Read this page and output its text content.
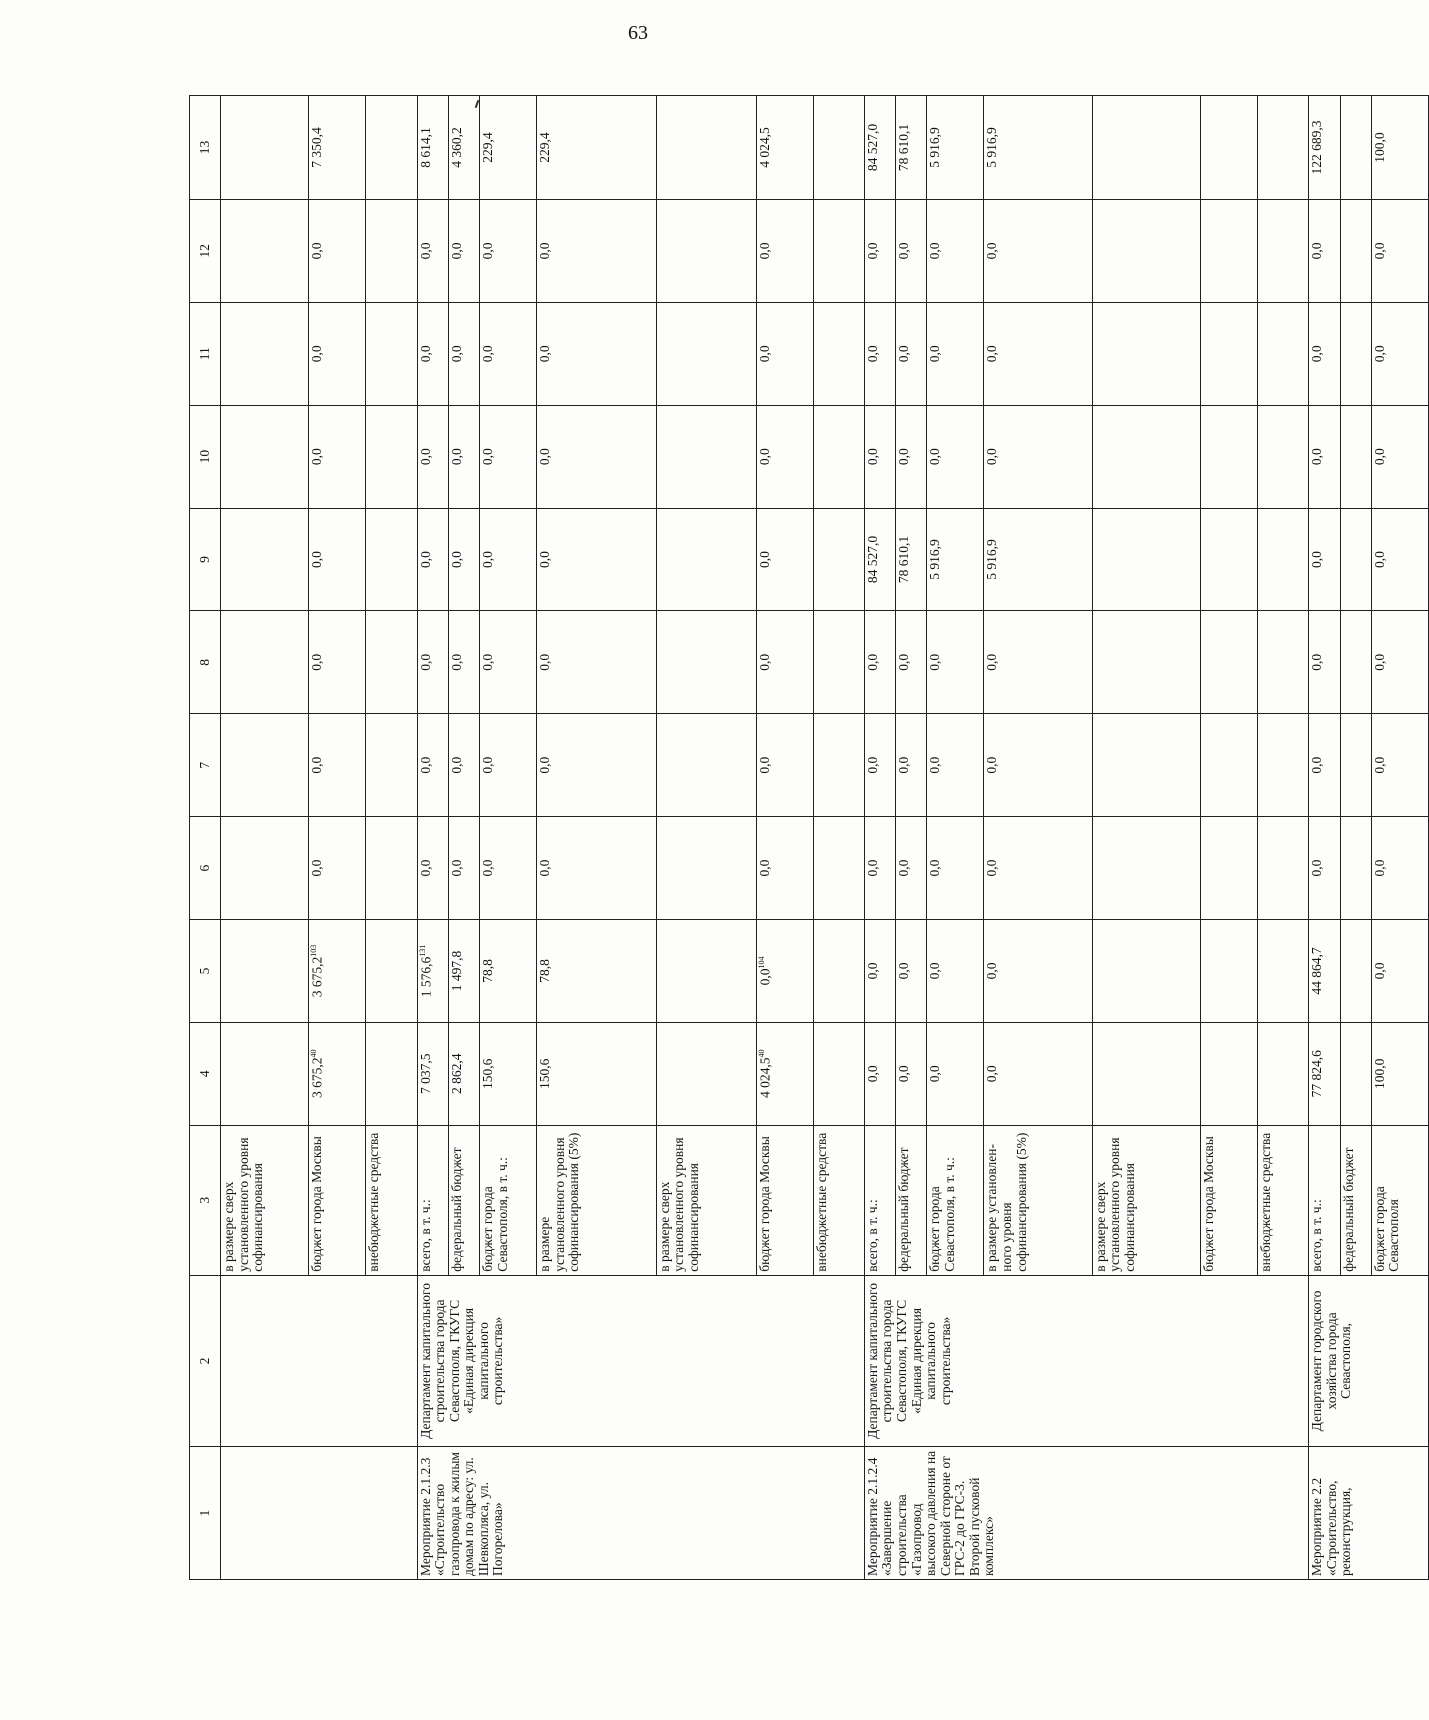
63
1	2	3	4	5	6	7	8	9	10	11	12	13
		в размере сверх установленного уровня софинансирования										
		бюджет города Москвы	3 675,2$^{40}$	3 675,2$^{103}$	0,0	0,0	0,0	0,0	0,0	0,0	0,0	7 350,4
		внебюджетные средства										
Мероприятие 2.1.2.3 «Строительство газопровода к жилым домам по адресу: ул. Шевкопляса, ул. Погорелова»	Департамент капитального строительства города Севастополя, ГКУГС «Единая дирекция капитального строительства»	всего, в т. ч.:	7 037,5	1 576,6$^{131}$	0,0	0,0	0,0	0,0	0,0	0,0	0,0	8 614,1
		федеральный бюджет	2 862,4	1 497,8	0,0	0,0	0,0	0,0	0,0	0,0	0,0	4 360,2
		бюджет города Севастополя, в т. ч.:	150,6	78,8	0,0	0,0	0,0	0,0	0,0	0,0	0,0	229,4
		в размере установленного уровня софинансирования (5%)	150,6	78,8	0,0	0,0	0,0	0,0	0,0	0,0	0,0	229,4
		в размере сверх установленного уровня софинансирования										
		бюджет города Москвы	4 024,5$^{40}$	$0,0^{104}$	0,0	0,0	0,0	0,0	0,0	0,0	0,0	4 024,5
		внебюджетные средства										
Мероприятие 2.1.2.4 «Завершение строительства «Газопровод высокого давления на Северной стороне от ГРС-2 до ГРС-3. Второй пусковой комплекс»	Департамент капитального строительства города Севастополя, ГКУГС «Единая дирекция капитального строительства»	всего, в т. ч.:	0,0	0,0	0,0	0,0	0,0	84 527,0	0,0	0,0	0,0	84 527,0
		федеральный бюджет	0,0	0,0	0,0	0,0	0,0	78 610,1	0,0	0,0	0,0	78 610,1
		бюджет города Севастополя, в т. ч.:	0,0	0,0	0,0	0,0	0,0	5 916,9	0,0	0,0	0,0	5 916,9
		в размере установлен-ного уровня софинансирования (5%)	0,0	0,0	0,0	0,0	0,0	5 916,9	0,0	0,0	0,0	5 916,9
		в размере сверх установленного уровня софинансирования										
		бюджет города Москвы										
		внебюджетные средства										
Мероприятие 2.2 «Строительство, реконструкция,	Департамент городского хозяйства города Севастополя,	всего, в т. ч.:	77 824,6	44 864,7	0,0	0,0	0,0	0,0	0,0	0,0	0,0	122 689,3
		федеральный бюджет										
		бюджет города Севастополя	100,0	0,0	0,0	0,0	0,0	0,0	0,0	0,0	0,0	100,0
